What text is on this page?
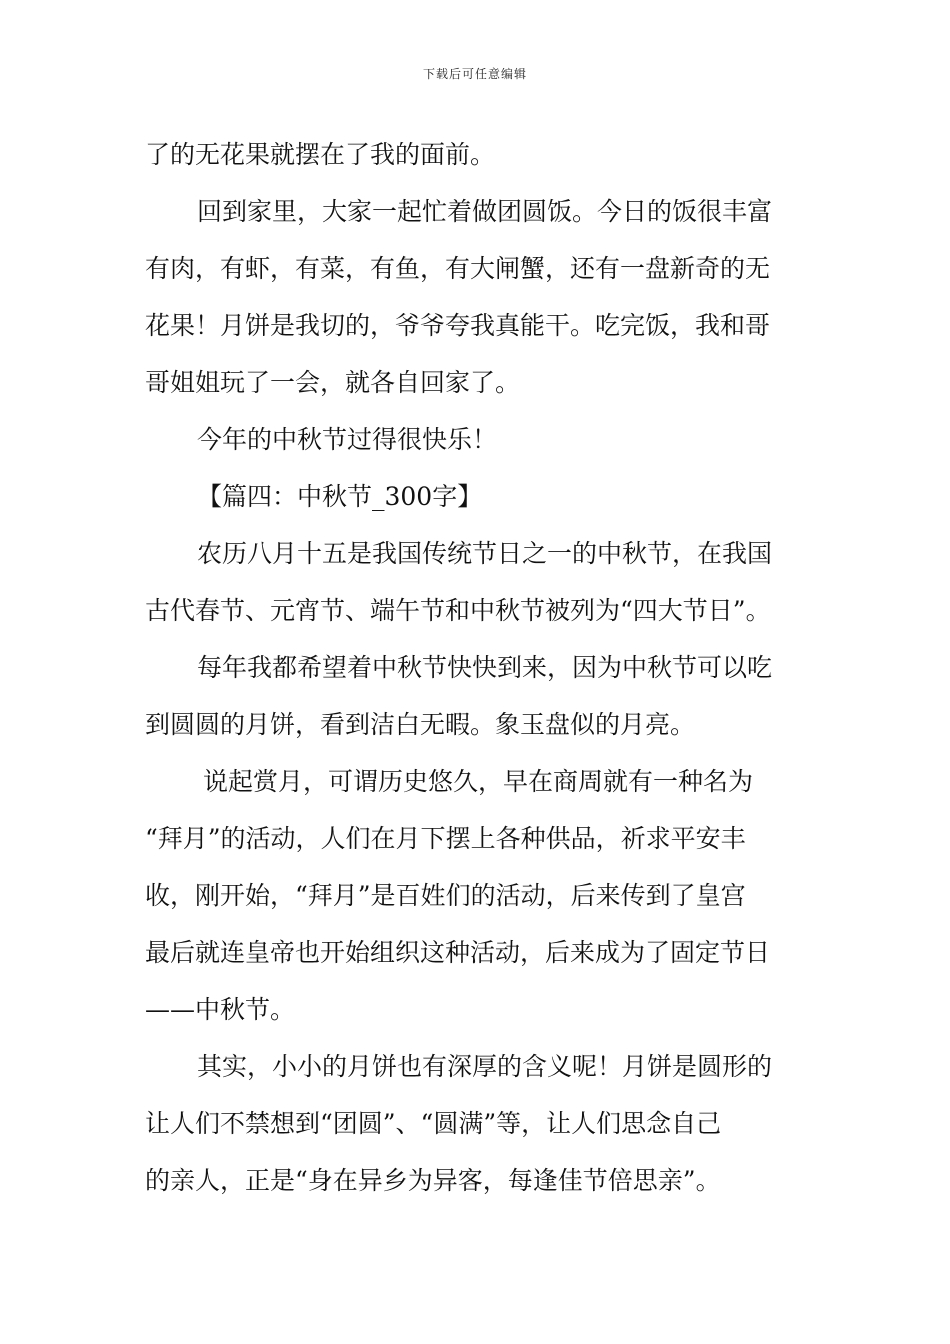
下载后可任意编辑
了的无花果就摆在了我的面前。
回到家里，大家一起忙着做团圆饭。今日的饭很丰富
有肉，有虾，有菜，有鱼，有大闸蟹，还有一盘新奇的无
花果！月饼是我切的，爷爷夸我真能干。吃完饭，我和哥
哥姐姐玩了一会，就各自回家了。
今年的中秋节过得很快乐！
【篇四：中秋节_300字】
农历八月十五是我国传统节日之一的中秋节，在我国
古代春节、元宵节、端午节和中秋节被列为“四大节日”。
每年我都希望着中秋节快快到来，因为中秋节可以吃
到圆圆的月饼，看到洁白无暇。象玉盘似的月亮。
说起赏月，可谓历史悠久，早在商周就有一种名为
“拜月”的活动，人们在月下摆上各种供品，祈求平安丰
收，刚开始，“拜月”是百姓们的活动，后来传到了皇宫
最后就连皇帝也开始组织这种活动，后来成为了固定节日
——中秋节。
其实，小小的月饼也有深厚的含义呢！月饼是圆形的
让人们不禁想到“团圆”、“圆满”等，让人们思念自己
的亲人，正是“身在异乡为异客，每逢佳节倍思亲”。
